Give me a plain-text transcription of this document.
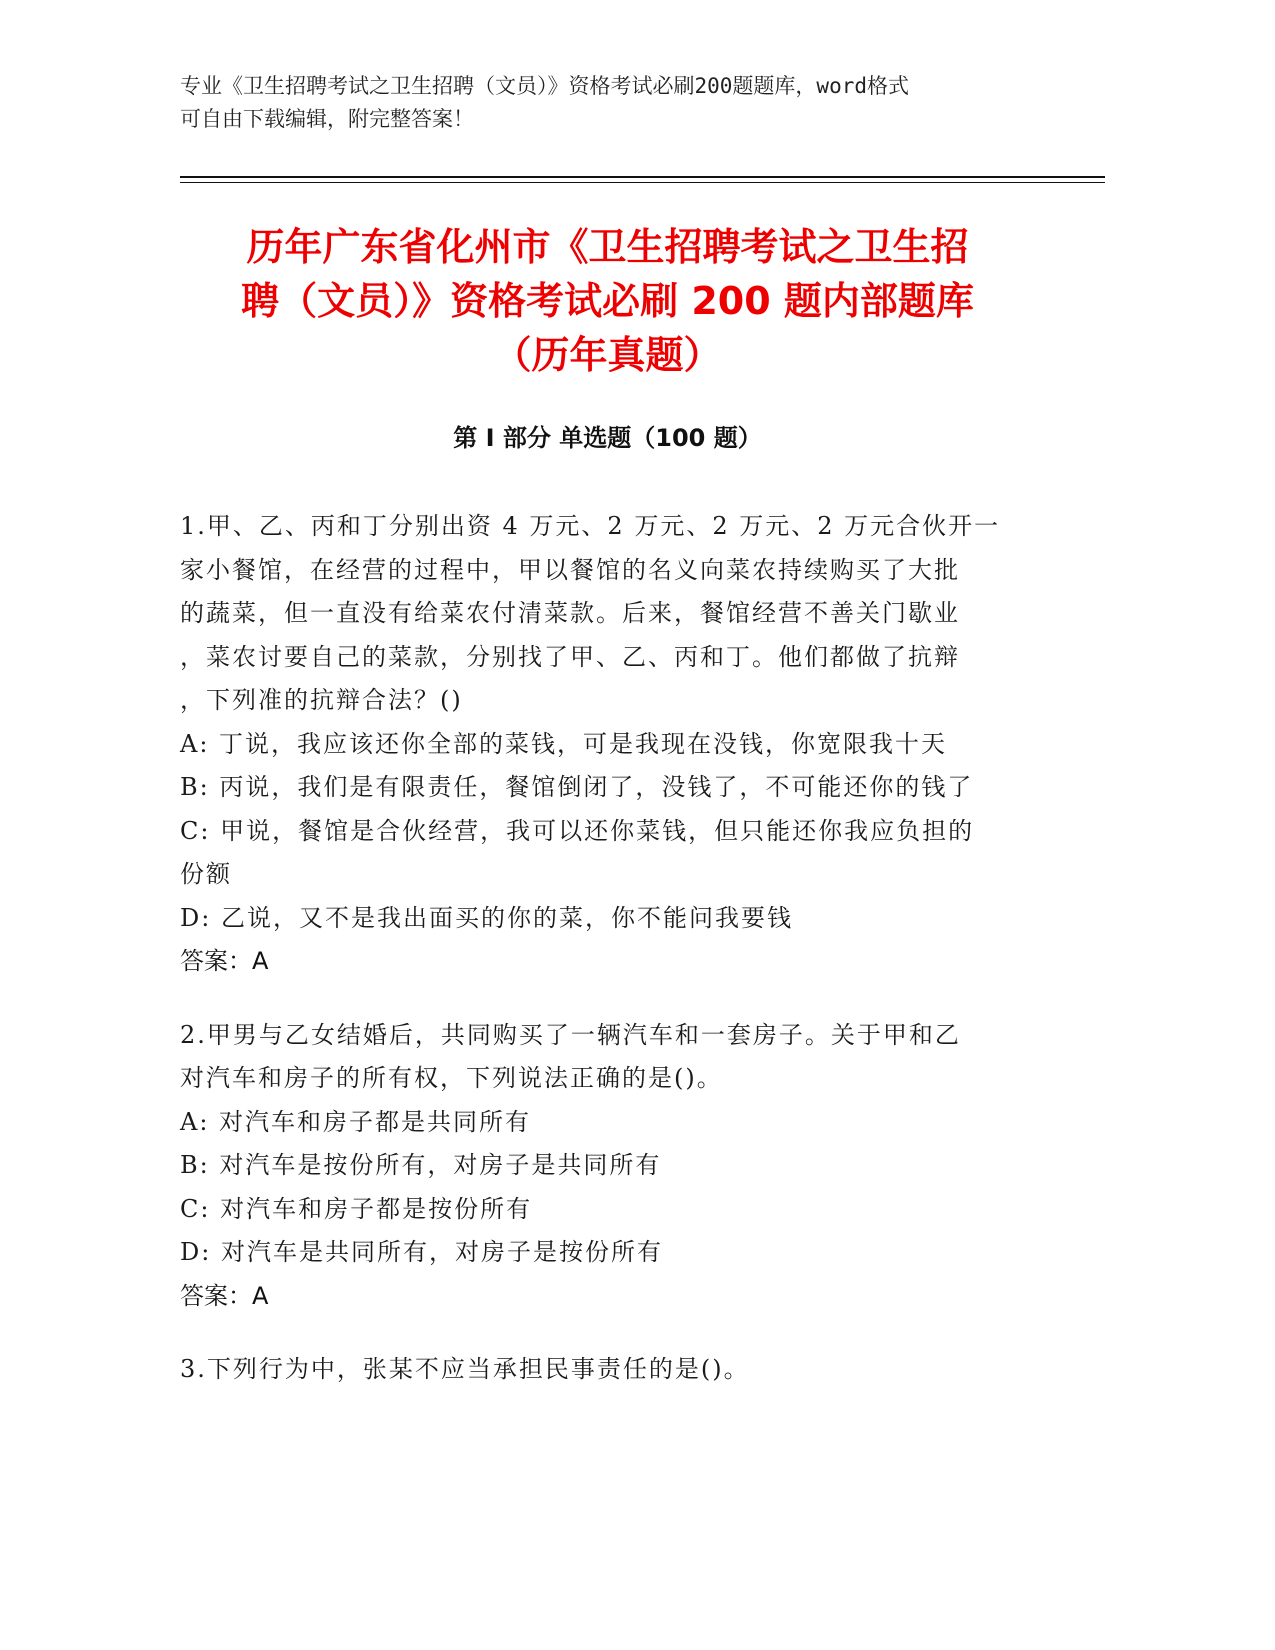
专业《卫生招聘考试之卫生招聘（文员）》资格考试必刷200题题库，word格式
可自由下载编辑，附完整答案！
历年广东省化州市《卫生招聘考试之卫生招
聘（文员）》资格考试必刷 200 题内部题库
（历年真题）
第 I 部分 单选题（100 题）

1.甲、乙、丙和丁分别出资 4 万元、2 万元、2 万元、2 万元合伙开一

家小餐馆，在经营的过程中，甲以餐馆的名义向菜农持续购买了大批

的蔬菜，但一直没有给菜农付清菜款。后来，餐馆经营不善关门歇业

，菜农讨要自己的菜款，分别找了甲、乙、丙和丁。他们都做了抗辩

，下列准的抗辩合法？()

A: 丁说，我应该还你全部的菜钱，可是我现在没钱，你宽限我十天

B: 丙说，我们是有限责任，餐馆倒闭了，没钱了，不可能还你的钱了

C: 甲说，餐馆是合伙经营，我可以还你菜钱，但只能还你我应负担的

份额

D: 乙说，又不是我出面买的你的菜，你不能问我要钱

答案：A

2.甲男与乙女结婚后，共同购买了一辆汽车和一套房子。关于甲和乙

对汽车和房子的所有权，下列说法正确的是()。

A: 对汽车和房子都是共同所有

B: 对汽车是按份所有，对房子是共同所有

C: 对汽车和房子都是按份所有

D: 对汽车是共同所有，对房子是按份所有

答案：A

3.下列行为中，张某不应当承担民事责任的是()。
